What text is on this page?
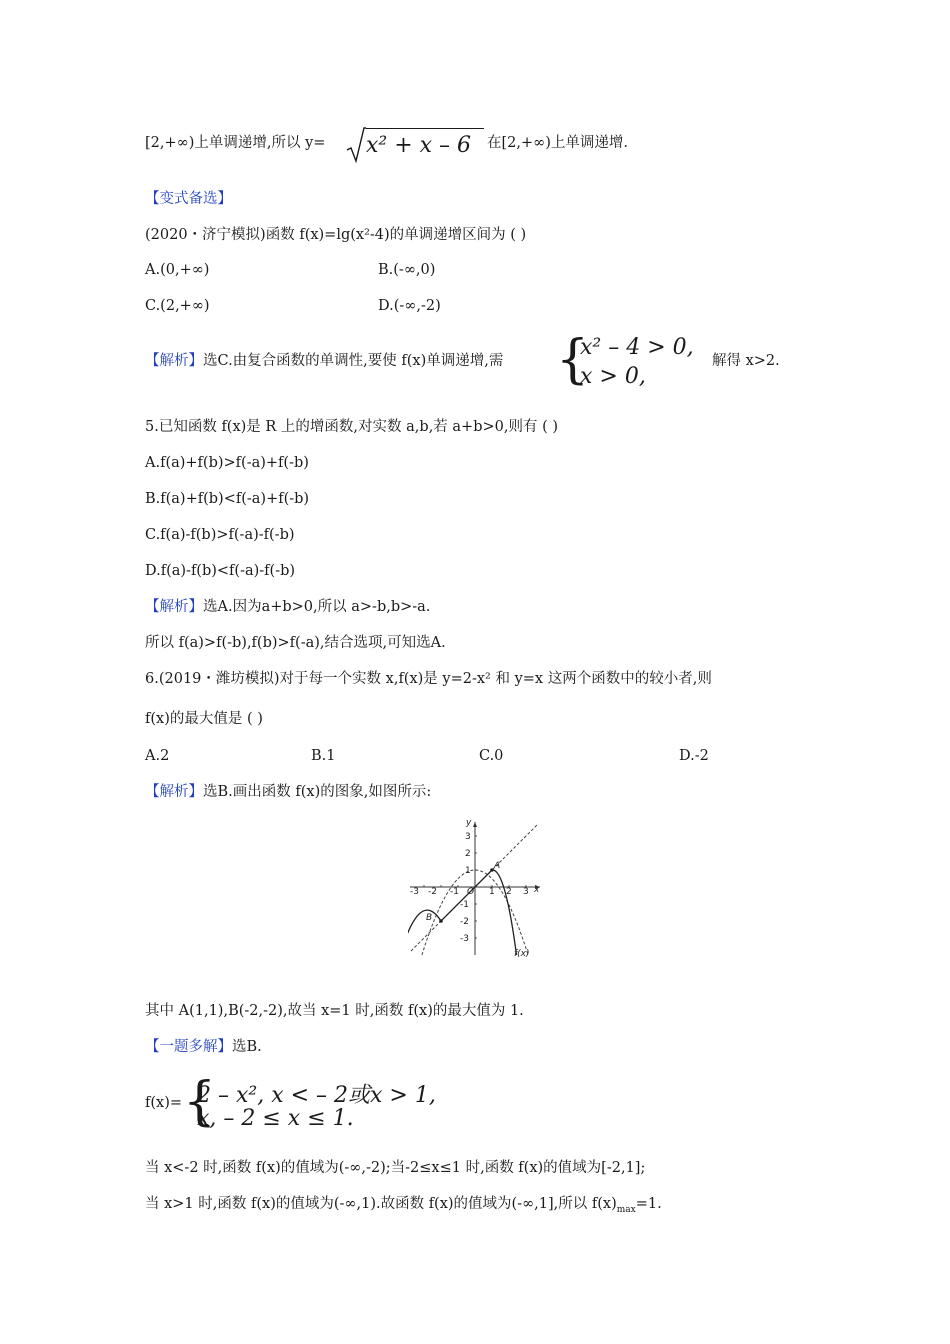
[2,+∞)上单调递增,所以 y= x² + x – 6 在[2,+∞)上单调递增.
【变式备选】
(2020・济宁模拟)函数 f(x)=lg(x²-4)的单调递增区间为 ( )
A.(0,+∞)	B.(-∞,0)
C.(2,+∞)	D.(-∞,-2)
【解析】选C.由复合函数的单调性,要使 f(x)单调递增,需 {
x² – 4 > 0,
x > 0,
解得 x>2.
5.已知函数 f(x)是 R 上的增函数,对实数 a,b,若 a+b>0,则有 ( )
A.f(a)+f(b)>f(-a)+f(-b)
B.f(a)+f(b)<f(-a)+f(-b)
C.f(a)-f(b)>f(-a)-f(-b)
D.f(a)-f(b)<f(-a)-f(-b)
【解析】选A.因为a+b>0,所以 a>-b,b>-a.
所以 f(a)>f(-b),f(b)>f(-a),结合选项,可知选A.
6.(2019・潍坊模拟)对于每一个实数 x,f(x)是 y=2-x² 和 y=x 这两个函数中的较小者,则
f(x)的最大值是 ( )
A.2	B.1	C.0	D.-2
【解析】选B.画出函数 f(x)的图象,如图所示:
-3 -2 -1 O 1 2 3 x
3
2
1
-1
-2
-3
y
A
B
f(x)
其中 A(1,1),B(-2,-2),故当 x=1 时,函数 f(x)的最大值为 1.
【一题多解】选B.
f(x)= {
2 – x², x < – 2或x > 1,
x, – 2 ≤ x ≤ 1.
当 x<-2 时,函数 f(x)的值域为(-∞,-2);当-2≤x≤1 时,函数 f(x)的值域为[-2,1];
当 x>1 时,函数 f(x)的值域为(-∞,1).故函数 f(x)的值域为(-∞,1],所以 $f(x)_{max}=1$.
